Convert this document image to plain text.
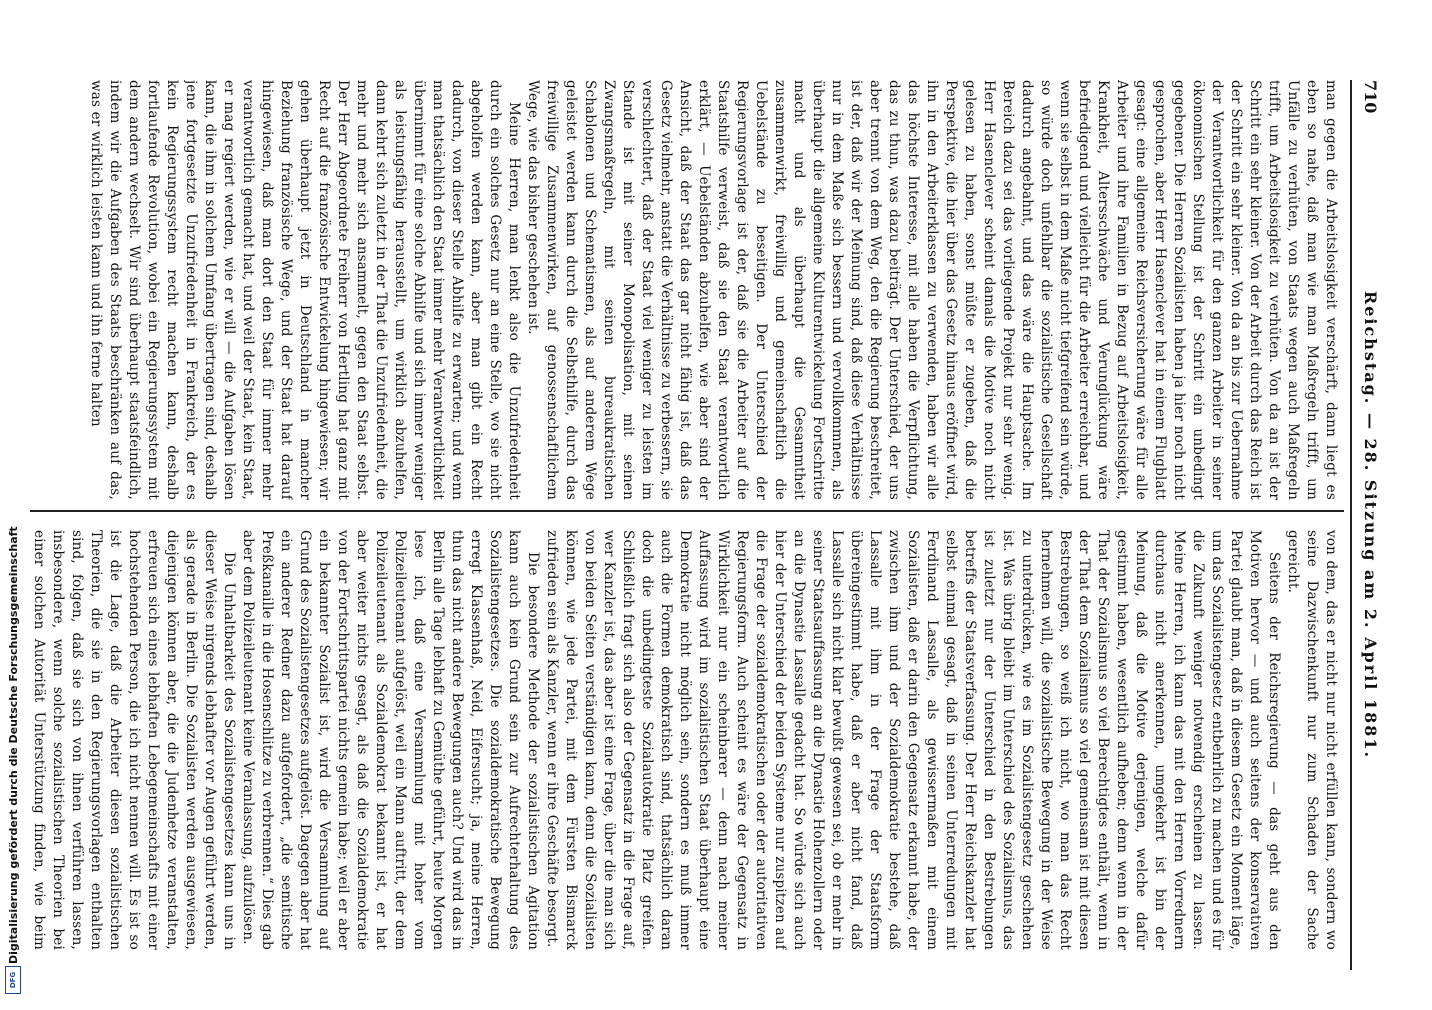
710
Reichstag. — 28. Sitzung am 2. April 1881.

man gegen die Arbeitslosigkeit verschärft, dann liegt es eben so nahe, daß man wie man Maßregeln trifft, um Unfälle zu verhüten, von Staats wegen auch Maßregeln trifft, um Arbeitslosigkeit zu verhüten. Von da an ist der Schritt ein sehr kleiner. Von der Arbeit durch das Reich ist der Schritt ein sehr kleiner. Von da an bis zur Uebernahme der Verantwortlichkeit für den ganzen Arbeiter in seiner ökonomischen Stellung ist der Schritt ein unbedingt gegebener. Die Herren Sozialisten haben ja hier noch nicht gesprochen, aber Herr Hasenclever hat in einem Flugblatt gesagt: eine allgemeine Reichsversicherung wäre für alle Arbeiter und ihre Familien in Bezug auf Arbeitslosigkeit, Krankheit, Altersschwäche und Verunglückung wäre befriedigend und vielleicht für die Arbeiter erreichbar, und wenn sie selbst in dem Maße nicht tiefgreifend sein würde, so würde doch unfehlbar die sozialistische Gesellschaft dadurch angebahnt, und das wäre die Hauptsache. Im Bereich dazu sei das vorliegende Projekt nur sehr wenig. Herr Hasenclever scheint damals die Motive noch nicht gelesen zu haben, sonst müßte er zugeben, daß die Perspektive, die hier über das Gesetz hinaus eröffnet wird, ihn in den Arbeiterklassen zu verwenden, haben wir alle das höchste Interesse, mit alle haben die Verpflichtung, das zu thun, was dazu beiträgt. Der Unterschied, der uns aber trennt von dem Weg, den die Regierung beschreitet, ist der, daß wir der Meinung sind, daß diese Verhältnisse nur in dem Maße sich bessern und vervollkommnen, als überhaupt die allgemeine Kulturentwickelung Fortschritte macht und als überhaupt die Gesammtheit zusammenwirkt, freiwillig und gemeinschaftlich die Uebelstände zu beseitigen. Der Unterschied der Regierungsvorlage ist der, daß sie die Arbeiter auf die Staatshilfe verweist, daß sie den Staat verantwortlich erklärt, — Uebelständen abzuhelfen, wie aber sind der Ansicht, daß der Staat das gar nicht fähig ist, daß das Gesetz vielmehr, anstatt die Verhältnisse zu verbessern, sie verschlechtert, daß der Staat viel weniger zu leisten im Stande ist mit seiner Monopolisation, mit seinen Zwangsmaßregeln, mit seinen bureaukratischen Schablonen und Schematismen, als auf anderem Wege geleistet werden kann durch die Selbsthilfe, durch das freiwillige Zusammenwirken, auf genossenschaftlichem Wege, wie das bisher geschehen ist.

Meine Herren, man lenkt also die Unzufriedenheit durch ein solches Gesetz nur an eine Stelle, wo sie nicht abgeholfen werden kann, aber man gibt ein Recht dadurch, von dieser Stelle Abhilfe zu erwarten; und wenn man thatsächlich den Staat immer mehr Verantwortlichkeit übernimmt für eine solche Abhilfe und sich immer weniger als leistungsfähig herausstellt, um wirklich abzuhelfen, dann kehrt sich zuletzt in der That die Unzufriedenheit, die mehr und mehr sich ansammelt, gegen den Staat selbst. Der Herr Abgeordnete Freiherr von Hertling hat ganz mit Recht auf die französische Entwickelung hingewiesen; wir gehen überhaupt jetzt in Deutschland in mancher Beziehung französische Wege, und der Staat hat darauf hingewiesen, daß man dort den Staat für immer mehr verantwortlich gemacht hat, und weil der Staat, kein Staat, er mag regiert werden, wie er will — die Aufgaben lösen kann, die ihm in solchem Umfang übertragen sind, deshalb jene fortgesetzte Unzufriedenheit in Frankreich, der es kein Regierungssystem recht machen kann, deshalb fortlaufende Revolution, wobei ein Regierungssystem mit dem andern wechselt. Wir sind überhaupt staatsfeindlich, indem wir die Aufgaben des Staats beschränken auf das, was er wirklich leisten kann und ihn ferne halten

von dem, das er nicht nur nicht erfüllen kann, sondern wo seine Dazwischenkunft nur zum Schaden der Sache gereicht.

Seitens der Reichsregierung — das geht aus den Motiven hervor — und auch seitens der konservativen Partei glaubt man, daß in diesem Gesetz ein Moment läge, um das Sozialistengesetz entbehrlich zu machen und es für die Zukunft weniger notwendig erscheinen zu lassen. Meine Herren, ich kann das mit den Herren Vorrednern durchaus nicht anerkennen, umgekehrt ist bin der Meinung, daß die Motive derjenigen, welche dafür gestimmt haben, wesentlich aufheben; denn wenn in der That der Sozialismus so viel Berechtigtes enthält, wenn in der That dem Sozialismus so viel gemeinsam ist mit diesen Bestrebungen, so weiß ich nicht, wo man das Recht hernehmen will, die sozialistische Bewegung in der Weise zu unterdrücken, wie es im Sozialistengesetz geschehen ist. Was übrig bleibt im Unterschied des Sozialismus, das ist zuletzt nur der Unterschied in den Bestrebungen betreffs der Staatsverfassung. Der Herr Reichskanzler hat selbst einmal gesagt, daß in seinen Unterredungen mit Ferdinand Lassalle, als gewissermaßen mit einem Sozialisten, daß er darin den Gegensatz erkannt habe, der zwischen ihm und der Sozialdemokratie bestehe, daß Lassalle mit ihm in der Frage der Staatsform übereingestimmt habe, daß er aber nicht fand, daß Lassalle sich nicht klar bewußt gewesen sei, ob er mehr in seiner Staatsauffassung an die Dynastie Hohenzollern oder an die Dynastie Lassalle gedacht hat. So würde sich auch hier der Unterschied der beiden Systeme nur zuspitzen auf die Frage der sozialdemokratischen oder der autoritativen Regierungsform. Auch scheint es wäre der Gegensatz in Wirklichkeit nur ein scheinbarer — denn nach meiner Auffassung wird im sozialistischen Staat überhaupt eine Demokratie nicht möglich sein, sondern es muß immer auch die Formen demokratisch sind, thatsächlich daran doch die unbedingteste Sozialautokratie Platz greifen. Schließlich fragt sich also der Gegensatz in die Frage auf, wer Kanzler ist, das aber ist eine Frage, über die man sich von beiden Seiten verständigen kann, denn die Sozialisten können, wie jede Partei, mit dem Fürsten Bismarck zufrieden sein als Kanzler, wenn er ihre Geschäfte besorgt.

Die besondere Methode der sozialistischen Agitation kann auch kein Grund sein zur Aufrechterhaltung des Sozialistengesetzes. Die sozialdemokratische Bewegung erregt Klassenhaß, Neid, Eifersucht; ja, meine Herren, thun das nicht andere Bewegungen auch? Und wird das in Berlin alle Tage lebhaft zu Gemüthe geführt, heute Morgen lese ich, daß eine Versammlung mit hoher vom Polizeileutenant aufgelöst, weil ein Mann auftritt, der dem Polizeileutenant als Sozialdemokrat bekannt ist, er hat aber weiter nichts gesagt, als daß die Sozialdemokratie von der Fortschrittspartei nichts gemein habe; weil er aber ein bekannter Sozialist ist, wird die Versammlung auf Grund des Sozialistengesetzes aufgelöst. Dagegen aber hat ein anderer Redner dazu aufgefordert, „die semitische Preßkanaille in die Hosenschlitze zu verbrennen.“ Dies gab aber dem Polizeileutenant keine Veranlassung, aufzulösen.

Die Unhaltbarkeit des Sozialistengesetzes kann uns in dieser Weise nirgends lebhafter vor Augen geführt werden, als gerade in Berlin. Die Sozialisten werden ausgewiesen, diejenigen können aber, die die Judenhetze veranstalten, erfreuen sich eines lebhaften Lebegemeinschafts mit einer hochstehenden Person, die ich nicht nennen will. Es ist so ist die Lage, daß die Arbeiter diesen sozialistischen Theorien, die sie in den Regierungsvorlagen enthalten sind, folgen, daß sie sich von ihnen verführen lassen, insbesondere, wenn solche sozialistischen Theorien bei einer solchen Autorität Unterstützung finden, wie beim

Digitalisierung gefördert durch die Deutsche Forschungsgemeinschaft
DFG
